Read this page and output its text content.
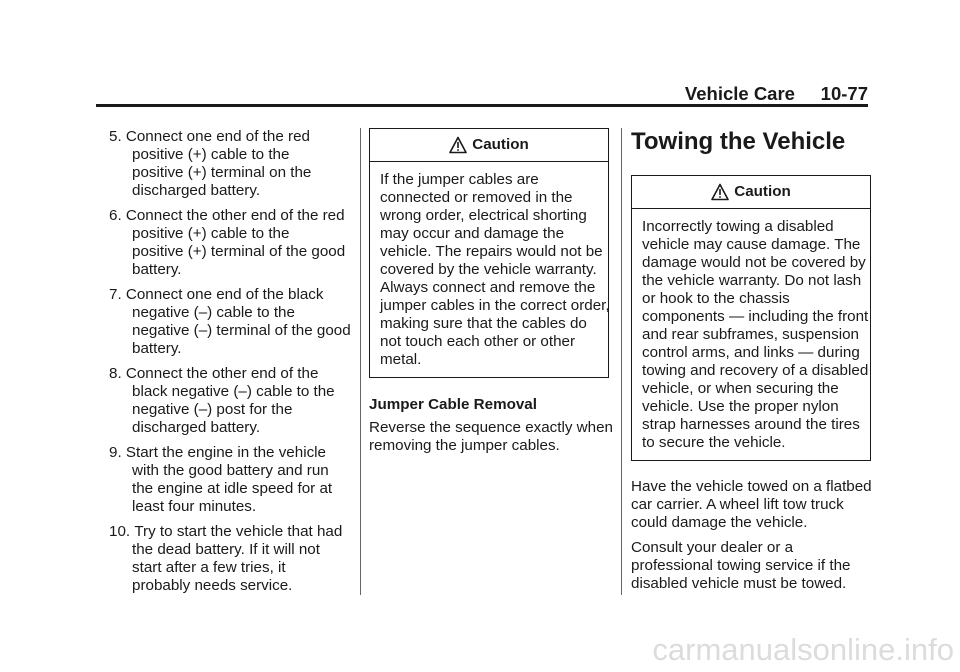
Vehicle Care 10-77
5. Connect one end of the red
positive (+) cable to the
positive (+) terminal on the
discharged battery.
6. Connect the other end of the red
positive (+) cable to the
positive (+) terminal of the good
battery.
7. Connect one end of the black
negative (–) cable to the
negative (–) terminal of the good
battery.
8. Connect the other end of the
black negative (–) cable to the
negative (–) post for the
discharged battery.
9. Start the engine in the vehicle
with the good battery and run
the engine at idle speed for at
least four minutes.
10. Try to start the vehicle that had
the dead battery. If it will not
start after a few tries, it
probably needs service.
Caution
If the jumper cables are
connected or removed in the
wrong order, electrical shorting
may occur and damage the
vehicle. The repairs would not be
covered by the vehicle warranty.
Always connect and remove the
jumper cables in the correct order,
making sure that the cables do
not touch each other or other
metal.
Jumper Cable Removal
Reverse the sequence exactly when
removing the jumper cables.
Towing the Vehicle
Caution
Incorrectly towing a disabled
vehicle may cause damage. The
damage would not be covered by
the vehicle warranty. Do not lash
or hook to the chassis
components — including the front
and rear subframes, suspension
control arms, and links — during
towing and recovery of a disabled
vehicle, or when securing the
vehicle. Use the proper nylon
strap harnesses around the tires
to secure the vehicle.
Have the vehicle towed on a flatbed
car carrier. A wheel lift tow truck
could damage the vehicle.
Consult your dealer or a
professional towing service if the
disabled vehicle must be towed.
carmanualsonline.info
